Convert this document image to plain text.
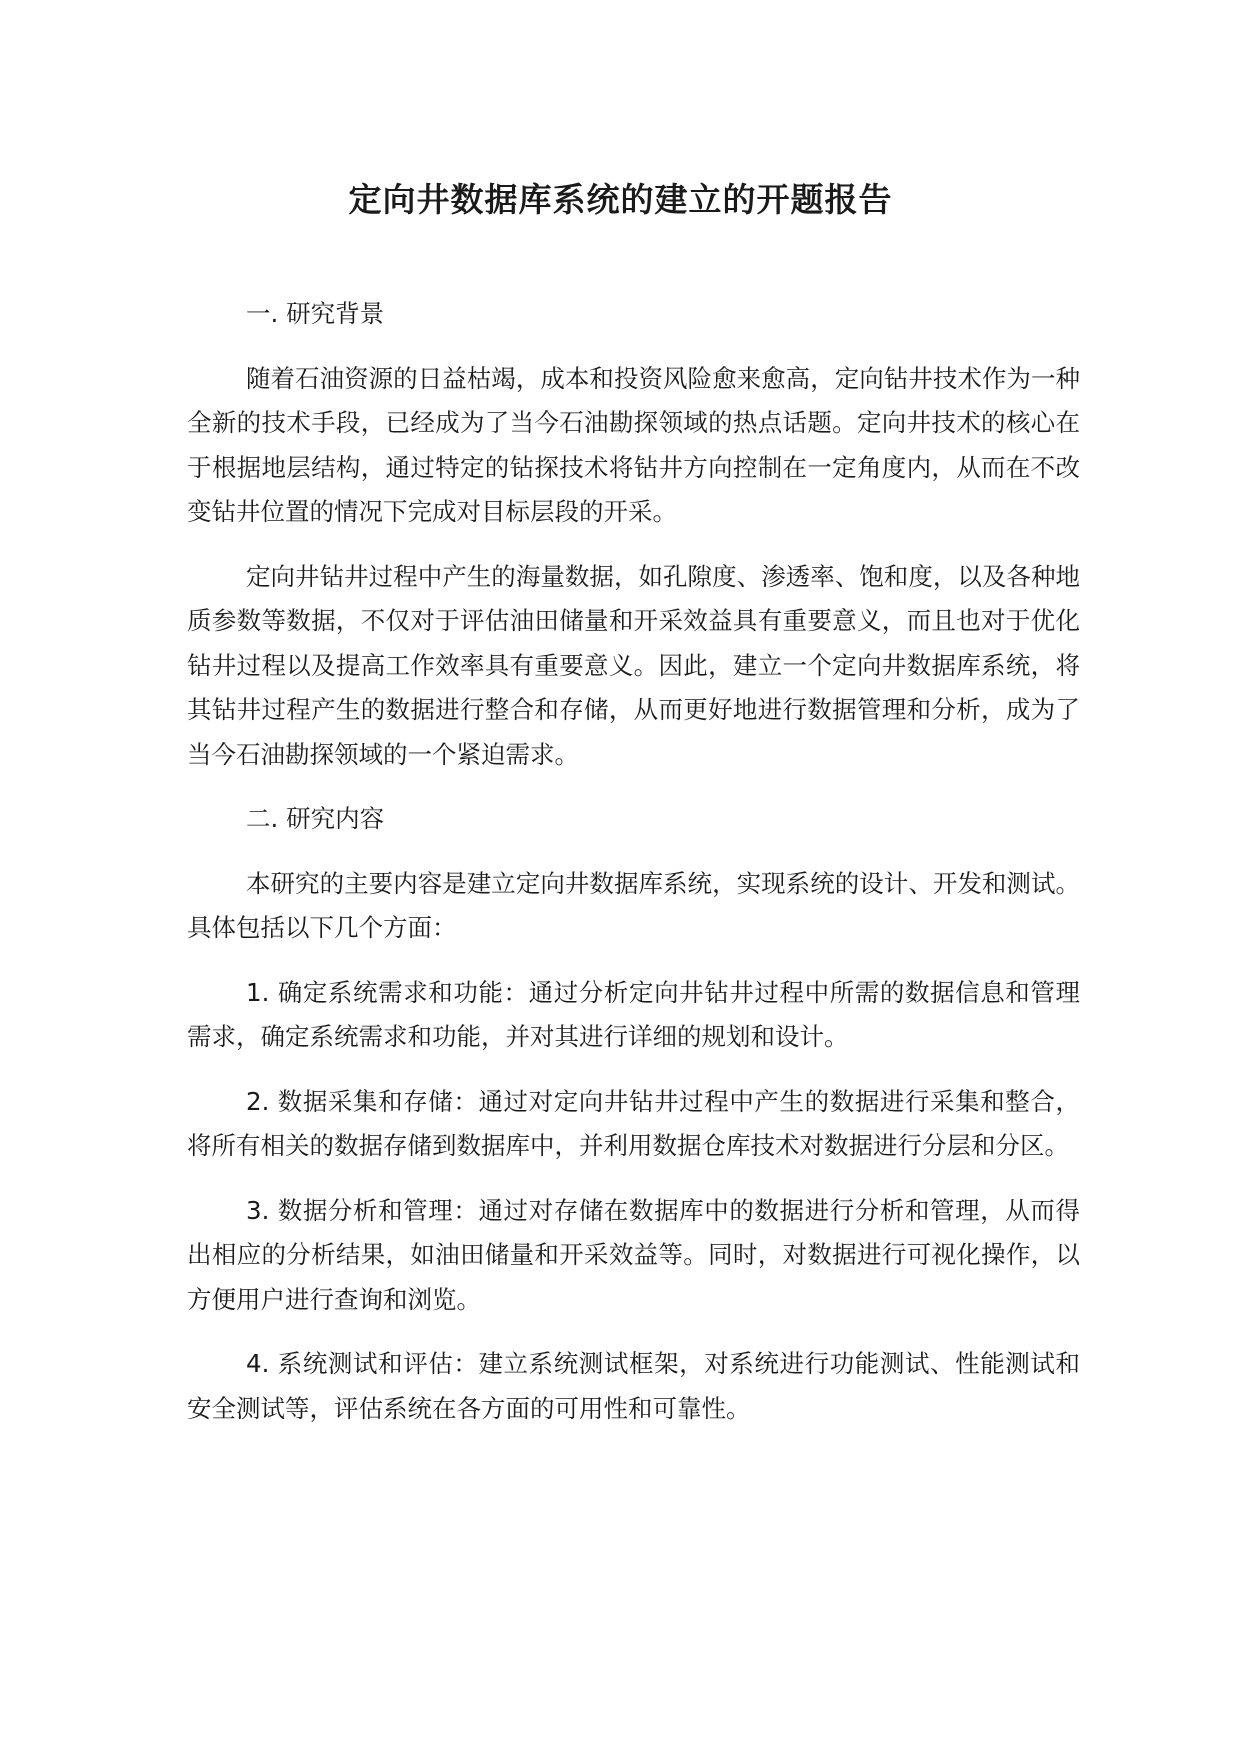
定向井数据库系统的建立的开题报告

一. 研究背景

随着石油资源的日益枯竭，成本和投资风险愈来愈高，定向钻井技术作为一种全新的技术手段，已经成为了当今石油勘探领域的热点话题。定向井技术的核心在于根据地层结构，通过特定的钻探技术将钻井方向控制在一定角度内，从而在不改变钻井位置的情况下完成对目标层段的开采。

定向井钻井过程中产生的海量数据，如孔隙度、渗透率、饱和度，以及各种地质参数等数据，不仅对于评估油田储量和开采效益具有重要意义，而且也对于优化钻井过程以及提高工作效率具有重要意义。因此，建立一个定向井数据库系统，将其钻井过程产生的数据进行整合和存储，从而更好地进行数据管理和分析，成为了当今石油勘探领域的一个紧迫需求。

二. 研究内容

本研究的主要内容是建立定向井数据库系统，实现系统的设计、开发和测试。具体包括以下几个方面：

1. 确定系统需求和功能：通过分析定向井钻井过程中所需的数据信息和管理需求，确定系统需求和功能，并对其进行详细的规划和设计。

2. 数据采集和存储：通过对定向井钻井过程中产生的数据进行采集和整合，将所有相关的数据存储到数据库中，并利用数据仓库技术对数据进行分层和分区。

3. 数据分析和管理：通过对存储在数据库中的数据进行分析和管理，从而得出相应的分析结果，如油田储量和开采效益等。同时，对数据进行可视化操作，以方便用户进行查询和浏览。

4. 系统测试和评估：建立系统测试框架，对系统进行功能测试、性能测试和安全测试等，评估系统在各方面的可用性和可靠性。
